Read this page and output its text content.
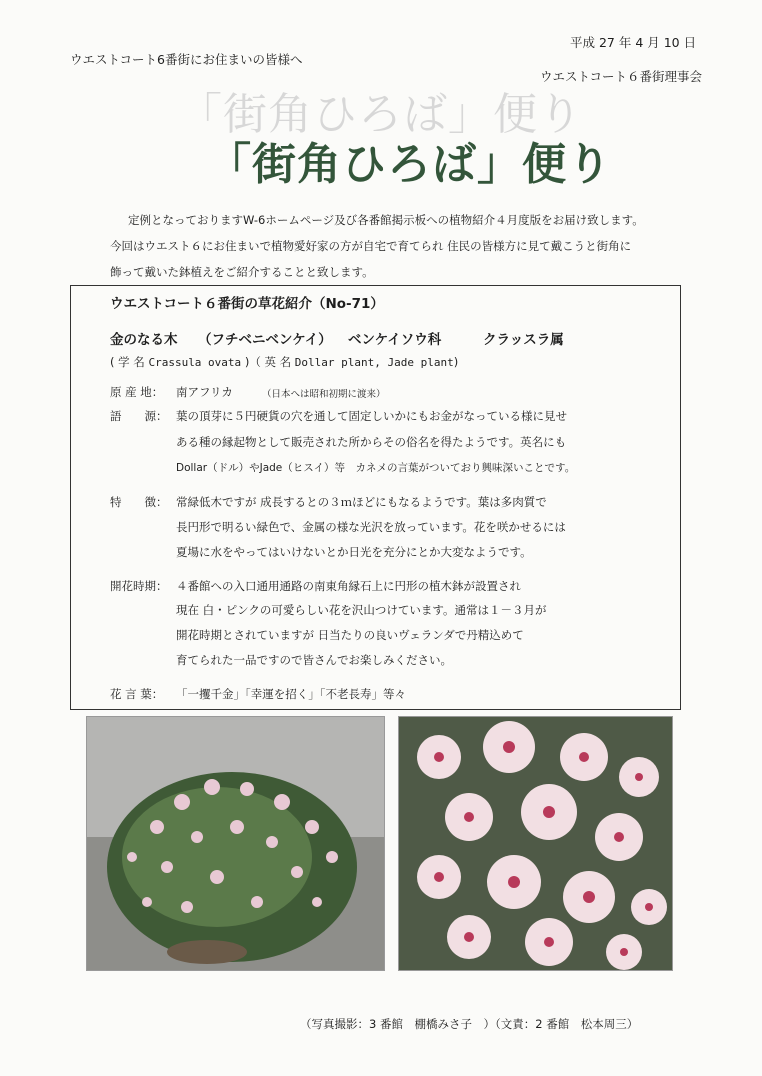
平成 27 年 4 月 10 日
ウエストコート6番街にお住まいの皆様へ
ウエストコート６番街理事会
「街角ひろば」便り
「街角ひろば」便り

定例となっておりますW-6ホームページ及び各番館掲示板への植物紹介４月度版をお届け致します。

今回はウエスト６にお住まいで植物愛好家の方が自宅で育てられ 住民の皆様方に見て戴こうと街角に

飾って戴いた鉢植えをご紹介することと致します。

ウエストコート６番街の草花紹介（No-71）
金のなる木 （フチベニベンケイ） ベンケイソウ科	クラッスラ属
( 学 名 Crassula ovata )（ 英 名 Dollar plant, Jade plant)
原 産 地： 南アフリカ	（日本へは昭和初期に渡来）
語　　源： 葉の頂芽に５円硬貨の穴を通して固定しいかにもお金がなっている様に見せ
ある種の縁起物として販売された所からその俗名を得たようです。英名にも
Dollar（ドル）やJade（ヒスイ）等　カネメの言葉がついており興味深いことです。
特　　徴： 常緑低木ですが 成長するとの３ｍほどにもなるようです。葉は多肉質で
長円形で明るい緑色で、金属の様な光沢を放っています。花を咲かせるには
夏場に水をやってはいけないとか日光を充分にとか大変なようです。
開花時期： ４番館への入口通用通路の南東角縁石上に円形の植木鉢が設置され
現在 白・ピンクの可愛らしい花を沢山つけています。通常は１－３月が
開花時期とされていますが 日当たりの良いヴェランダで丹精込めて
育てられた一品ですので皆さんでお楽しみください。
花 言 葉： 「一攫千金」「幸運を招く」「不老長寿」等々
（写真撮影：3 番館　棚橋みさ子　）（文責：2 番館　松本周三）
